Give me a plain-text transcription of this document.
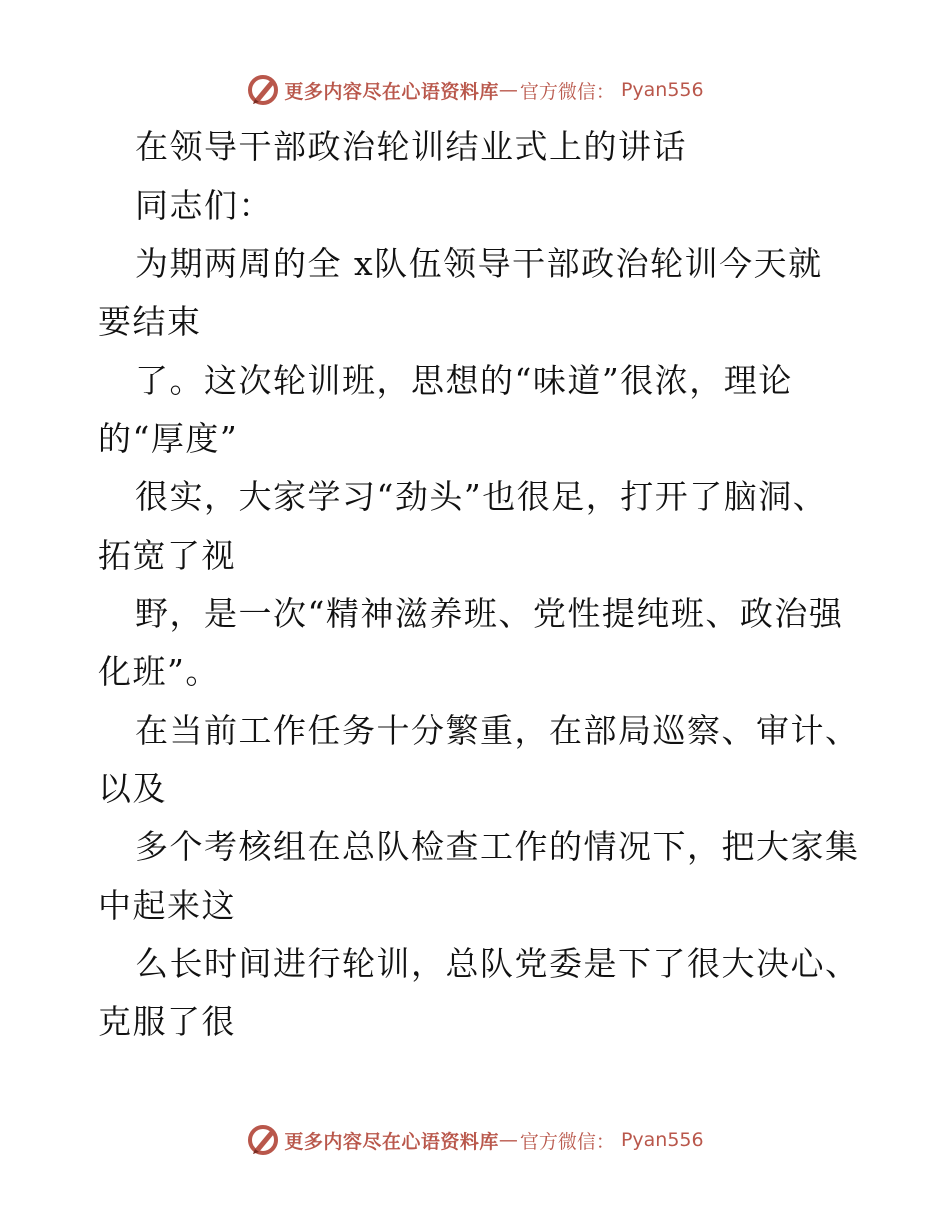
更多内容尽在心语资料库 — 官方微信： Pyan556
在领导干部政治轮训结业式上的讲话
同志们：
为期两周的全 x队伍领导干部政治轮训今天就
要结束
了。这次轮训班，思想的“味道”很浓，理论
的“厚度”
很实，大家学习“劲头”也很足，打开了脑洞、
拓宽了视
野，是一次“精神滋养班、党性提纯班、政治强
化班”。
在当前工作任务十分繁重，在部局巡察、审计、
以及
多个考核组在总队检查工作的情况下，把大家集
中起来这
么长时间进行轮训，总队党委是下了很大决心、
克服了很
更多内容尽在心语资料库 — 官方微信： Pyan556
